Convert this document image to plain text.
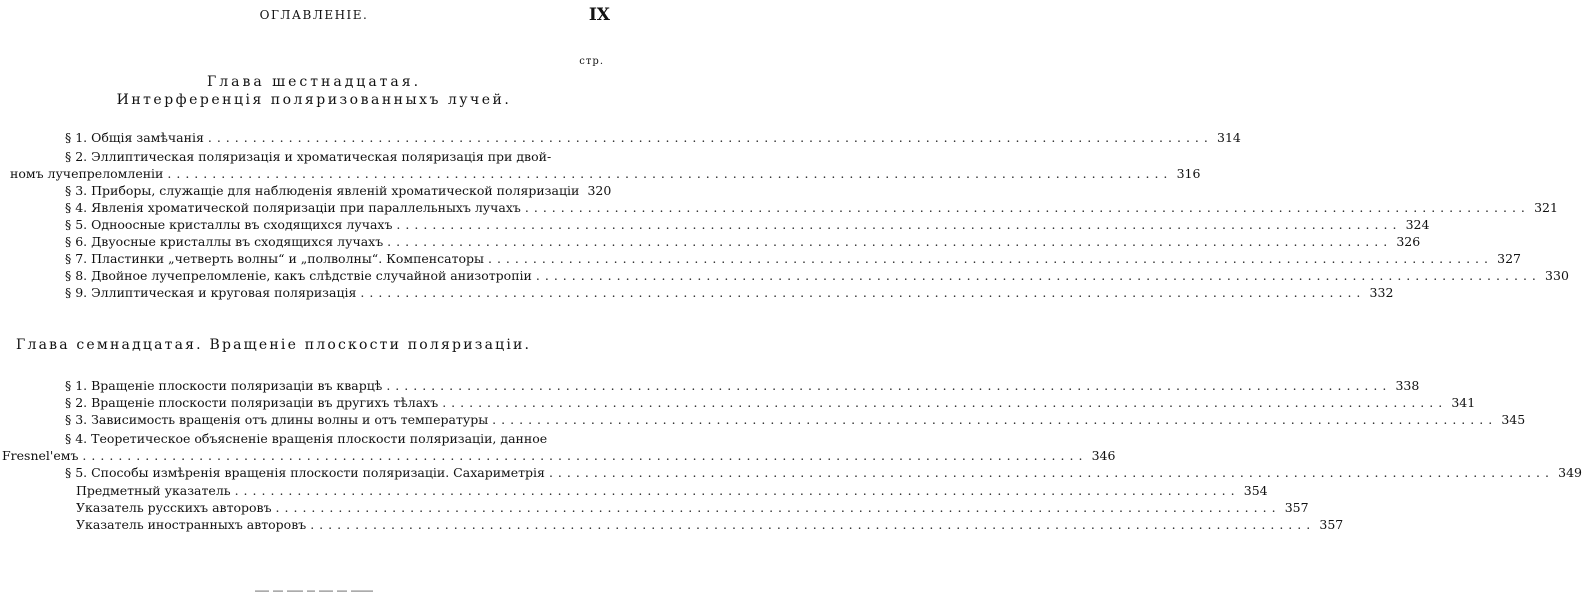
ОГЛАВЛЕНІЕ.	IX
стр.
Глава шестнадцатая.
Интерференція поляризованныхъ лучей.
§ 1. Общія замѣчанія ................................................................................................................ 314
§ 2. Эллиптическая поляризація и хроматическая поляризація при двой-
номъ лучепреломленіи ................................................................................................................ 316
§ 3. Приборы, служащіе для наблюденія явленій хроматической поляризаціи 320
§ 4. Явленія хроматической поляризаціи при параллельныхъ лучахъ ................................................................................................................ 321
§ 5. Одноосные кристаллы въ сходящихся лучахъ ................................................................................................................ 324
§ 6. Двуосные кристаллы въ сходящихся лучахъ ................................................................................................................ 326
§ 7. Пластинки „четверть волны“ и „полволны“. Компенсаторы ................................................................................................................ 327
§ 8. Двойное лучепреломленіе, какъ слѣдствіе случайной анизотропіи ................................................................................................................ 330
§ 9. Эллиптическая и круговая поляризація ................................................................................................................ 332
Глава семнадцатая. Вращеніе плоскости поляризаціи.
§ 1. Вращеніе плоскости поляризаціи въ кварцѣ ................................................................................................................ 338
§ 2. Вращеніе плоскости поляризаціи въ другихъ тѣлахъ ................................................................................................................ 341
§ 3. Зависимость вращенія отъ длины волны и отъ температуры ................................................................................................................ 345
§ 4. Теоретическое объясненіе вращенія плоскости поляризаціи, данное
Fresnel'емъ ................................................................................................................ 346
§ 5. Способы измѣренія вращенія плоскости поляризаціи. Сахариметрія ................................................................................................................ 349
Предметный указатель ................................................................................................................ 354
Указатель русскихъ авторовъ ................................................................................................................ 357
Указатель иностранныхъ авторовъ ................................................................................................................ 357
